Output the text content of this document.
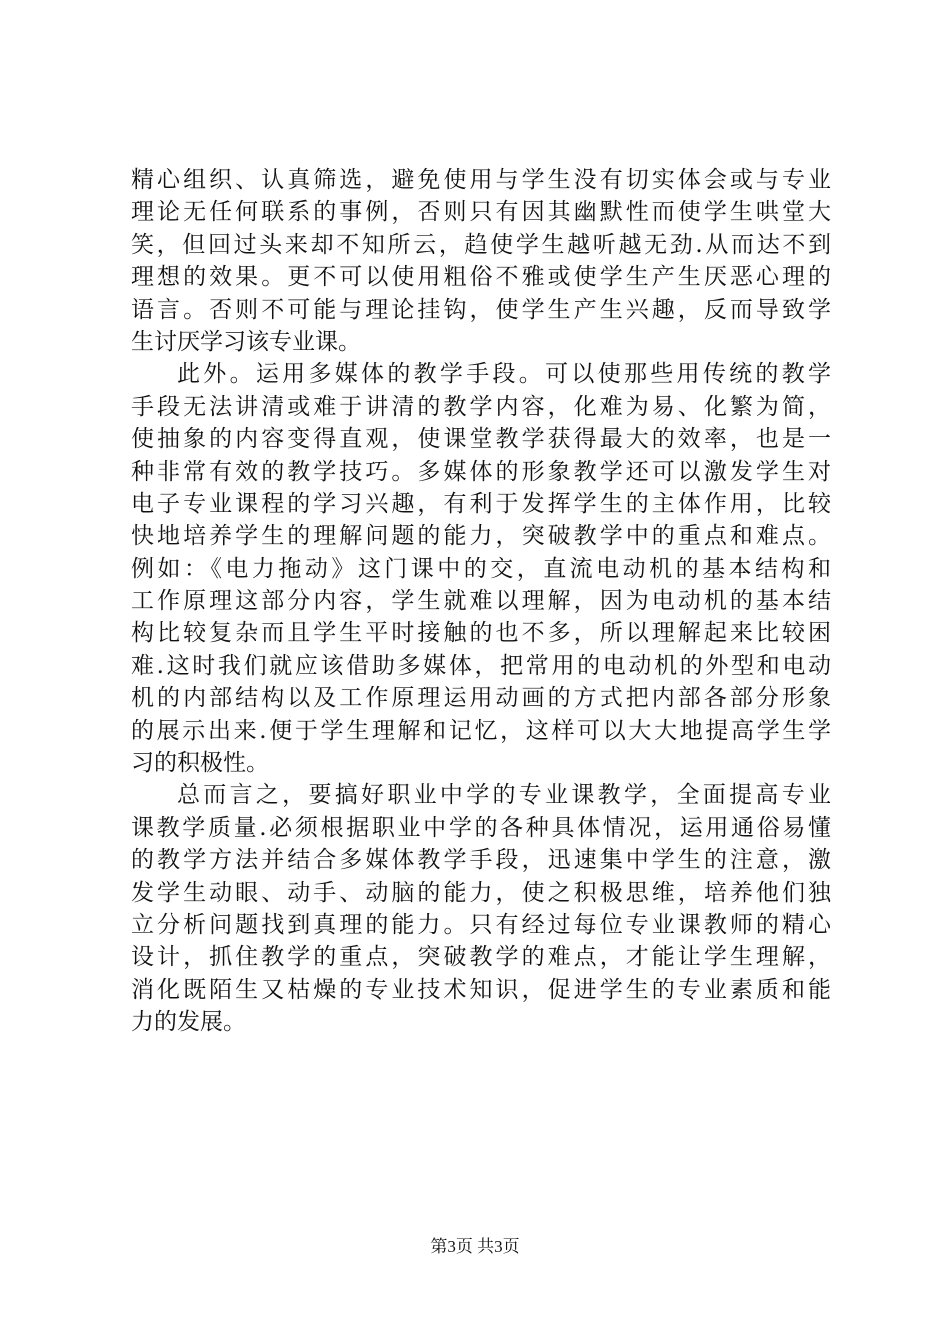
精心组织、认真筛选，避免使用与学生没有切实体会或与专业
理论无任何联系的事例，否则只有因其幽默性而使学生哄堂大
笑，但回过头来却不知所云，趋使学生越听越无劲.从而达不到
理想的效果。更不可以使用粗俗不雅或使学生产生厌恶心理的
语言。否则不可能与理论挂钩，使学生产生兴趣，反而导致学
生讨厌学习该专业课。
此外。运用多媒体的教学手段。可以使那些用传统的教学
手段无法讲清或难于讲清的教学内容，化难为易、化繁为简，
使抽象的内容变得直观，使课堂教学获得最大的效率，也是一
种非常有效的教学技巧。多媒体的形象教学还可以激发学生对
电子专业课程的学习兴趣，有利于发挥学生的主体作用，比较
快地培养学生的理解问题的能力，突破教学中的重点和难点。
例如：《电力拖动》这门课中的交，直流电动机的基本结构和
工作原理这部分内容，学生就难以理解，因为电动机的基本结
构比较复杂而且学生平时接触的也不多，所以理解起来比较困
难.这时我们就应该借助多媒体，把常用的电动机的外型和电动
机的内部结构以及工作原理运用动画的方式把内部各部分形象
的展示出来.便于学生理解和记忆，这样可以大大地提高学生学
习的积极性。
总而言之，要搞好职业中学的专业课教学，全面提高专业
课教学质量.必须根据职业中学的各种具体情况，运用通俗易懂
的教学方法并结合多媒体教学手段，迅速集中学生的注意，激
发学生动眼、动手、动脑的能力，使之积极思维，培养他们独
立分析问题找到真理的能力。只有经过每位专业课教师的精心
设计，抓住教学的重点，突破教学的难点，才能让学生理解，
消化既陌生又枯燥的专业技术知识，促进学生的专业素质和能
力的发展。
第3页 共3页
